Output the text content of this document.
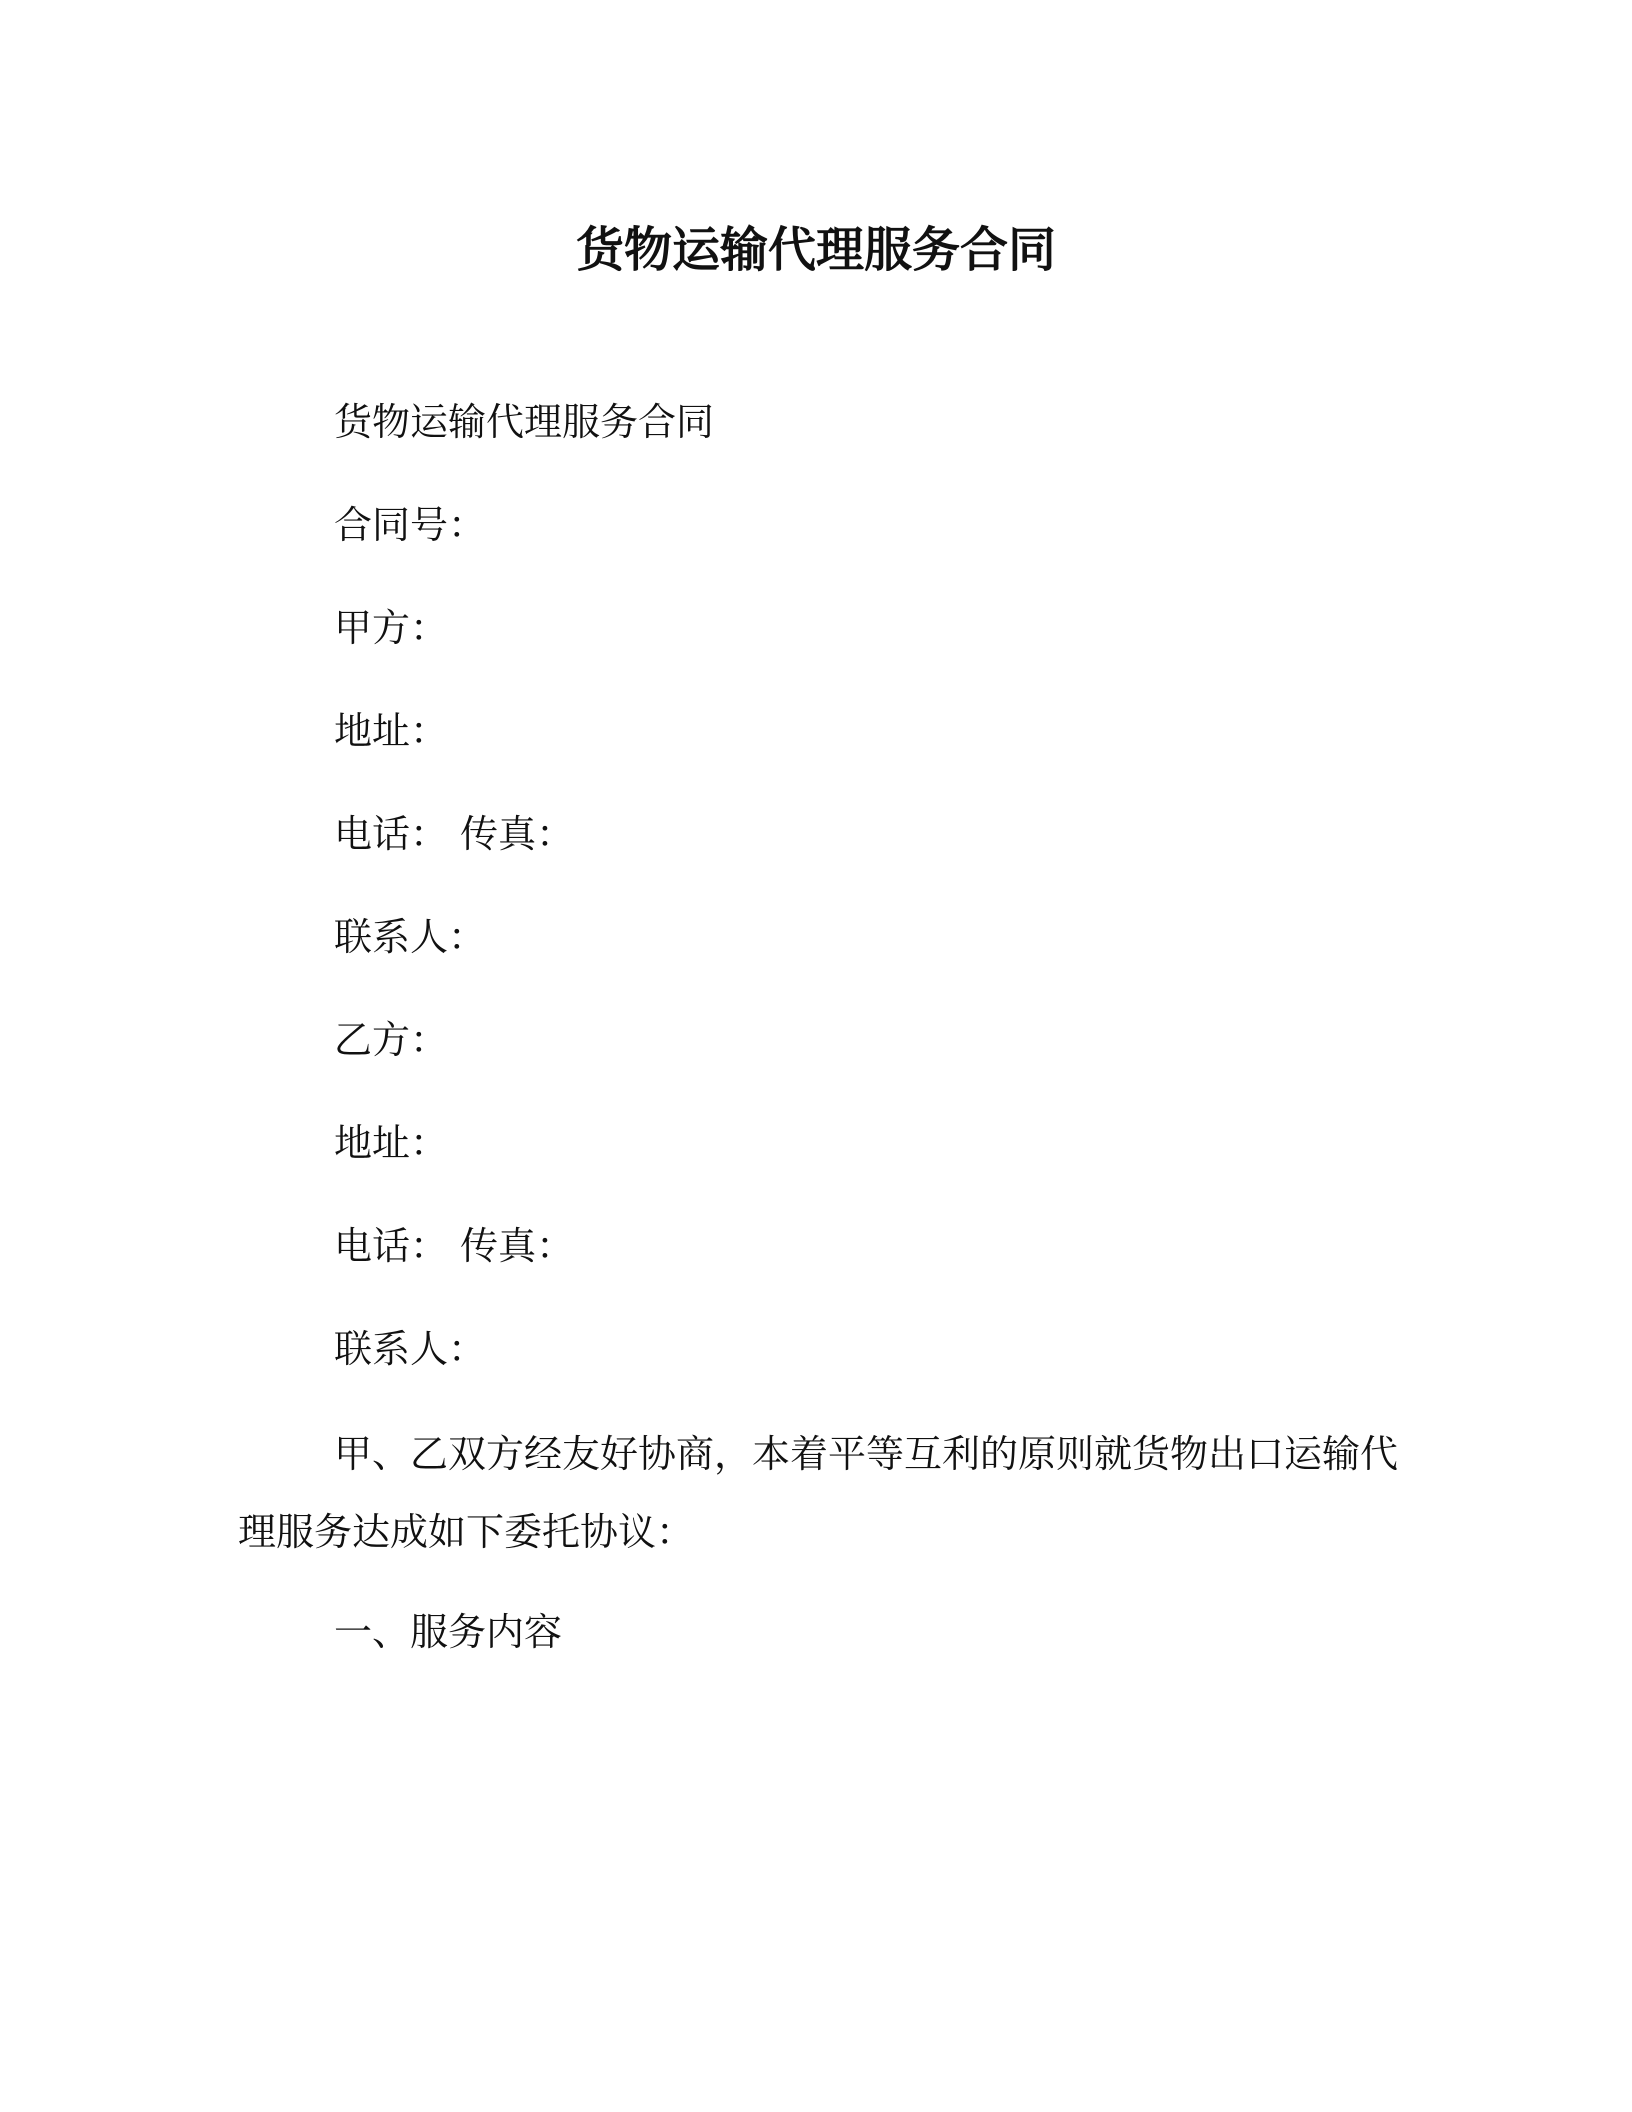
货物运输代理服务合同
货物运输代理服务合同
合同号：
甲方：
地址：
电话： 传真：
联系人：
乙方：
地址：
电话： 传真：
联系人：
甲、乙双方经友好协商，本着平等互利的原则就货物出口运输代理服务达成如下委托协议：
一、服务内容
